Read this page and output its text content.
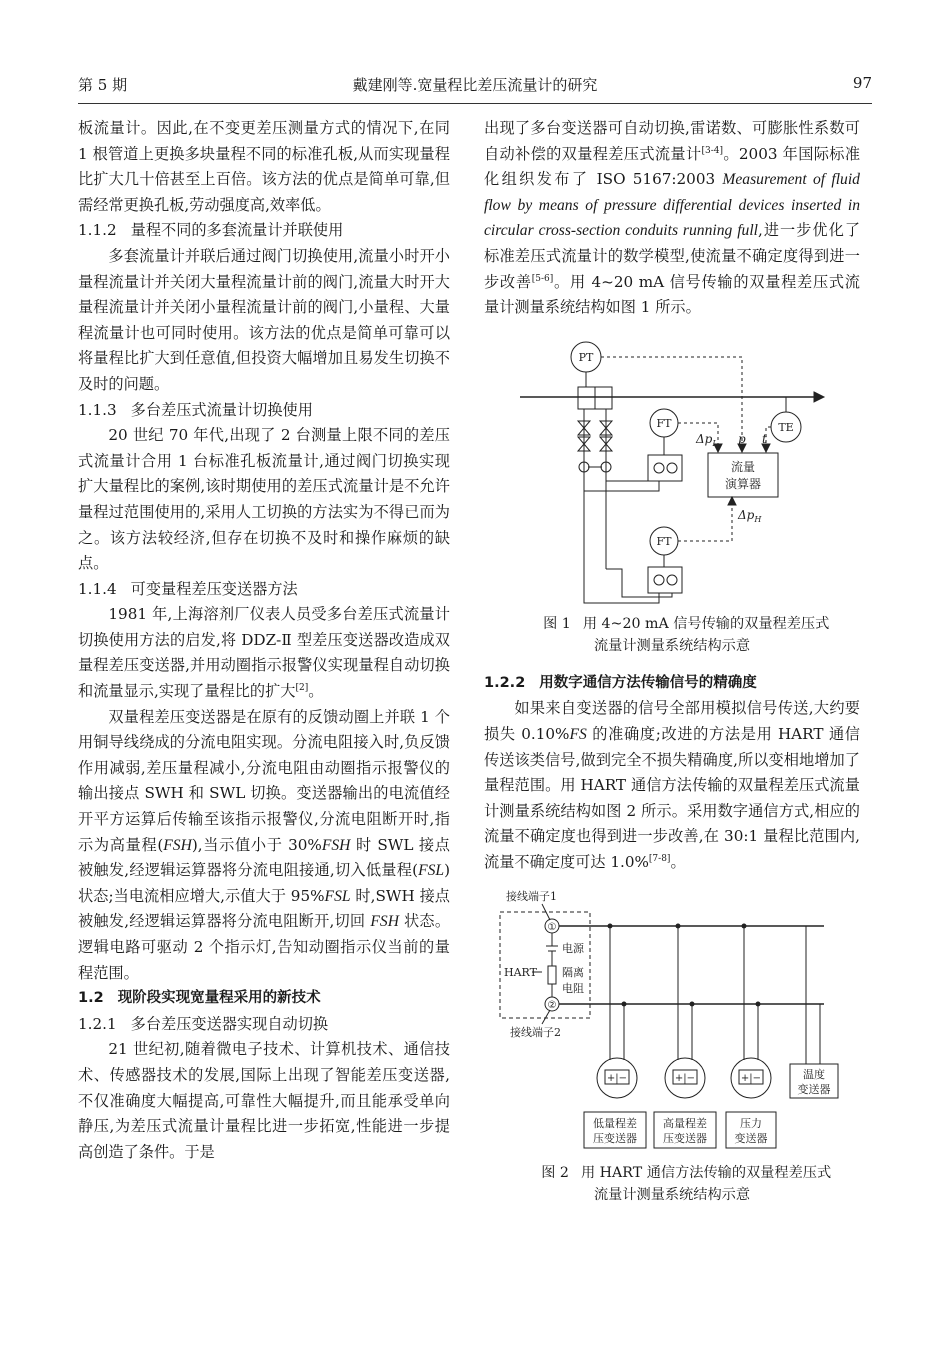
第 5 期	戴建刚等.宽量程比差压流量计的研究	97

板流量计。因此,在不变更差压测量方式的情况下,在同 1 根管道上更换多块量程不同的标准孔板,从而实现量程比扩大几十倍甚至上百倍。该方法的优点是简单可靠,但需经常更换孔板,劳动强度高,效率低。

1.1.2 量程不同的多套流量计并联使用

多套流量计并联后通过阀门切换使用,流量小时开小量程流量计并关闭大量程流量计前的阀门,流量大时开大量程流量计并关闭小量程流量计前的阀门,小量程、大量程流量计也可同时使用。该方法的优点是简单可靠可以将量程比扩大到任意值,但投资大幅增加且易发生切换不及时的问题。

1.1.3 多台差压式流量计切换使用

20 世纪 70 年代,出现了 2 台测量上限不同的差压式流量计合用 1 台标准孔板流量计,通过阀门切换实现扩大量程比的案例,该时期使用的差压式流量计是不允许量程过范围使用的,采用人工切换的方法实为不得已而为之。该方法较经济,但存在切换不及时和操作麻烦的缺点。

1.1.4 可变量程差压变送器方法

1981 年,上海溶剂厂仪表人员受多台差压式流量计切换使用方法的启发,将 DDZ-Ⅱ 型差压变送器改造成双量程差压变送器,并用动圈指示报警仪实现量程自动切换和流量显示,实现了量程比的扩大[2]。

双量程差压变送器是在原有的反馈动圈上并联 1 个用铜导线绕成的分流电阻实现。分流电阻接入时,负反馈作用减弱,差压量程减小,分流电阻由动圈指示报警仪的输出接点 SWH 和 SWL 切换。变送器输出的电流值经开平方运算后传输至该指示报警仪,分流电阻断开时,指示为高量程(FSH),当示值小于 30%FSH 时 SWL 接点被触发,经逻辑运算器将分流电阻接通,切入低量程(FSL)状态;当电流相应增大,示值大于 95%FSL 时,SWH 接点被触发,经逻辑运算器将分流电阻断开,切回 FSH 状态。逻辑电路可驱动 2 个指示灯,告知动圈指示仪当前的量程范围。

1.2 现阶段实现宽量程采用的新技术
1.2.1 多台差压变送器实现自动切换

21 世纪初,随着微电子技术、计算机技术、通信技术、传感器技术的发展,国际上出现了智能差压变送器,不仅准确度大幅提高,可靠性大幅提升,而且能承受单向静压,为差压式流量计量程比进一步拓宽,性能进一步提高创造了条件。于是

出现了多台变送器可自动切换,雷诺数、可膨胀性系数可自动补偿的双量程差压式流量计[3-4]。2003 年国际标准化组织发布了 ISO 5167:2003 Measurement of fluid flow by means of pressure differential devices inserted in circular cross-section conduits running full,进一步优化了标准差压式流量计的数学模型,使流量不确定度得到进一步改善[5-6]。用 4~20 mA 信号传输的双量程差压式流量计测量系统结构如图 1 所示。

PT
TE
FT
$\Delta p_L$ p t
流量
演算器
FT
$\Delta p_H$

图 1 用 4~20 mA 信号传输的双量程差压式
流量计测量系统结构示意

1.2.2 用数字通信方法传输信号的精确度

如果来自变送器的信号全部用模拟信号传送,大约要损失 0.10%FS 的准确度;改进的方法是用 HART 通信传送该类信号,做到完全不损失精确度,所以变相地增加了量程范围。用 HART 通信方法传输的双量程差压式流量计测量系统结构如图 2 所示。采用数字通信方式,相应的流量不确定度也得到进一步改善,在 30:1 量程比范围内,流量不确定度可达 1.0%[7-8]。

接线端子1
①
②
电源
隔离
电阻
HART
接线端子2
+|−	+|−	+|−	温度
变送器
低量程差
压变送器
高量程差
压变送器
压力
变送器

图 2 用 HART 通信方法传输的双量程差压式
流量计测量系统结构示意
